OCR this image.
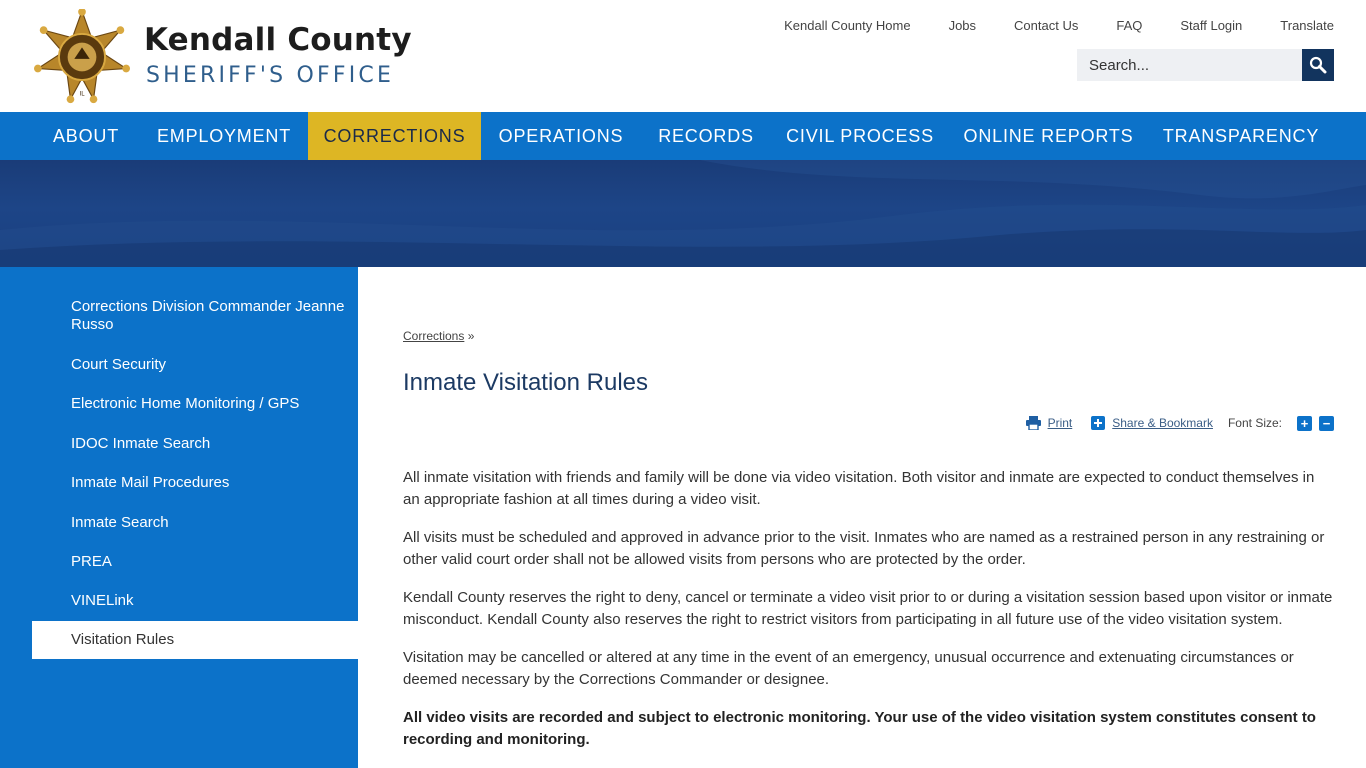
IL
Kendall County
SHERIFF'S OFFICE
Kendall County Home	Jobs	Contact Us	FAQ	Staff Login	Translate
Search...
ABOUT	EMPLOYMENT	CORRECTIONS	OPERATIONS	RECORDS	CIVIL PROCESS	ONLINE REPORTS	TRANSPARENCY
Corrections Division Commander Jeanne Russo
Court Security
Electronic Home Monitoring / GPS
IDOC Inmate Search
Inmate Mail Procedures
Inmate Search
PREA
VINELink
Visitation Rules
Corrections »
Inmate Visitation Rules
Print	Share & Bookmark Font Size: + −

All inmate visitation with friends and family will be done via video visitation. Both visitor and inmate are expected to conduct themselves in an appropriate fashion at all times during a video visit.

All visits must be scheduled and approved in advance prior to the visit. Inmates who are named as a restrained person in any restraining or other valid court order shall not be allowed visits from persons who are protected by the order.

Kendall County reserves the right to deny, cancel or terminate a video visit prior to or during a visitation session based upon visitor or inmate misconduct. Kendall County also reserves the right to restrict visitors from participating in all future use of the video visitation system.

Visitation may be cancelled or altered at any time in the event of an emergency, unusual occurrence and extenuating circumstances or deemed necessary by the Corrections Commander or designee.

All video visits are recorded and subject to electronic monitoring. Your use of the video visitation system constitutes consent to recording and monitoring.
